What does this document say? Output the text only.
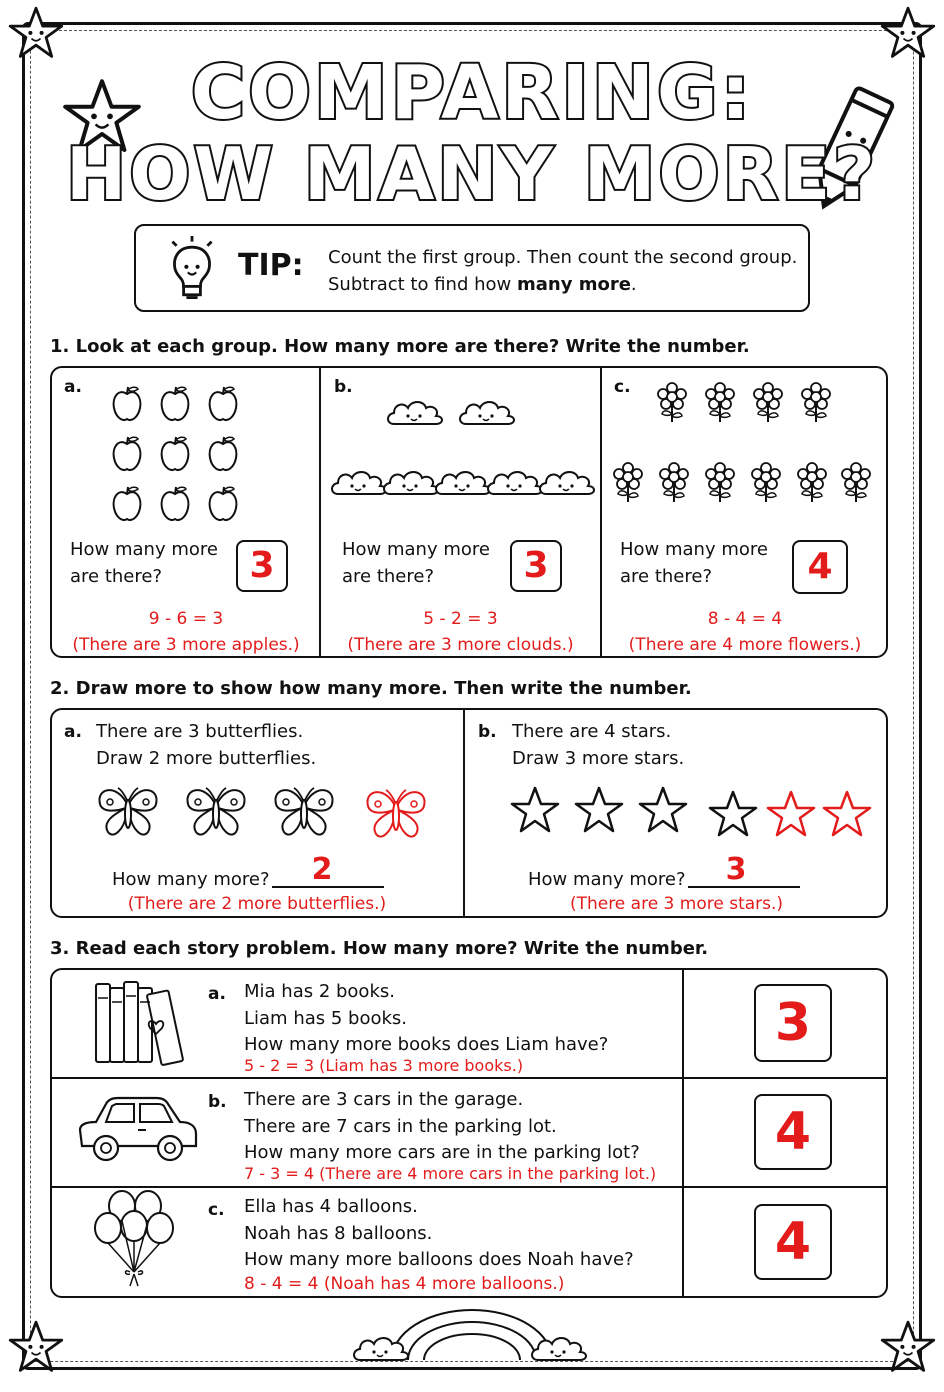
COMPARING:
HOW MANY MORE?
TIP: Count the first group. Then count the second group.
Subtract to find how many more.
1. Look at each group. How many more are there? Write the number.
a.
How many more
are there?	3
9 - 6 = 3
(There are 3 more apples.)
b.
How many more
are there?	3
5 - 2 = 3
(There are 3 more clouds.)
c.
How many more
are there?	4
8 - 4 = 4
(There are 4 more flowers.)
2. Draw more to show how many more. Then write the number.
a. There are 3 butterflies.
Draw 2 more butterflies.
How many more?	2
(There are 2 more butterflies.)
b. There are 4 stars.
Draw 3 more stars.
How many more?	3
(There are 3 more stars.)
3. Read each story problem. How many more? Write the number.
a. Mia has 2 books.
Liam has 5 books.
How many more books does Liam have?
5 - 2 = 3 (Liam has 3 more books.)
3
b. There are 3 cars in the garage.
There are 7 cars in the parking lot.
How many more cars are in the parking lot?
7 - 3 = 4 (There are 4 more cars in the parking lot.)
4
c. Ella has 4 balloons.
Noah has 8 balloons.
How many more balloons does Noah have?
8 - 4 = 4 (Noah has 4 more balloons.)
4
